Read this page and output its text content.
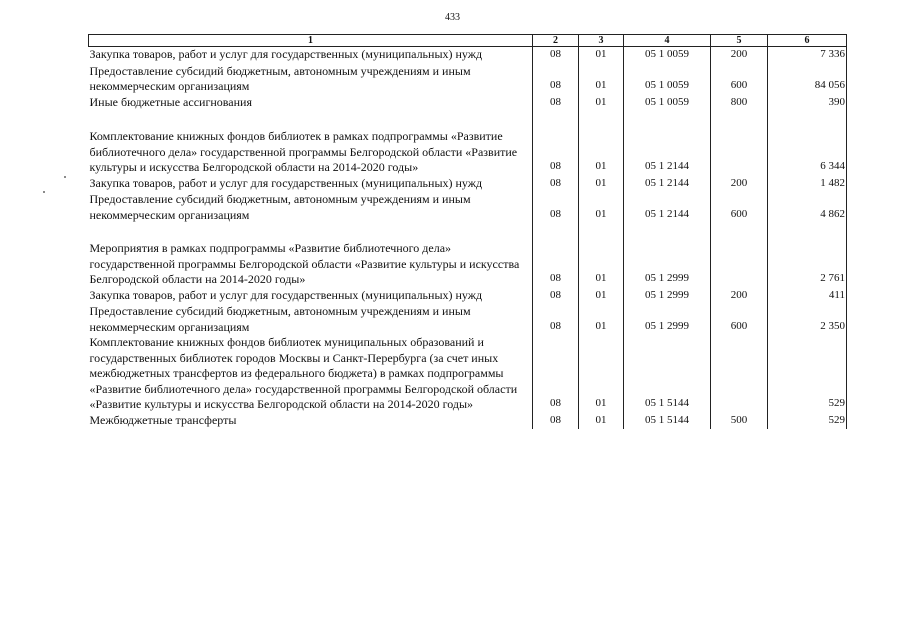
433
1	2	3	4	5	6
Закупка товаров, работ и услуг для государственных (муниципальных) нужд	08	01	05 1 0059	200	7 336
Предоставление субсидий бюджетным, автономным учреждениям и иным некоммерческим организациям	08	01	05 1 0059	600	84 056
Иные бюджетные ассигнования	08	01	05 1 0059	800	390

Комплектование книжных фондов библиотек в рамках подпрограммы «Развитие библиотечного дела» государственной программы Белгородской области «Развитие культуры и искусства Белгородской области на 2014-2020 годы»	08	01	05 1 2144		6 344
Закупка товаров, работ и услуг для государственных (муниципальных) нужд	08	01	05 1 2144	200	1 482
Предоставление субсидий бюджетным, автономным учреждениям и иным некоммерческим организациям	08	01	05 1 2144	600	4 862

Мероприятия в рамках подпрограммы «Развитие библиотечного дела» государственной программы Белгородской области «Развитие культуры и искусства Белгородской области на 2014-2020 годы»	08	01	05 1 2999		2 761
Закупка товаров, работ и услуг для государственных (муниципальных) нужд	08	01	05 1 2999	200	411
Предоставление субсидий бюджетным, автономным учреждениям и иным некоммерческим организациям	08	01	05 1 2999	600	2 350
Комплектование книжных фондов библиотек муниципальных образований и государственных библиотек городов Москвы и Санкт-Перербурга (за счет иных межбюджетных трансфертов из федерального бюджета) в рамках подпрограммы «Развитие библиотечного дела» государственной программы Белгородской области «Развитие культуры и искусства Белгородской области на 2014-2020 годы»	08	01	05 1 5144		529
Межбюджетные трансферты	08	01	05 1 5144	500	529
